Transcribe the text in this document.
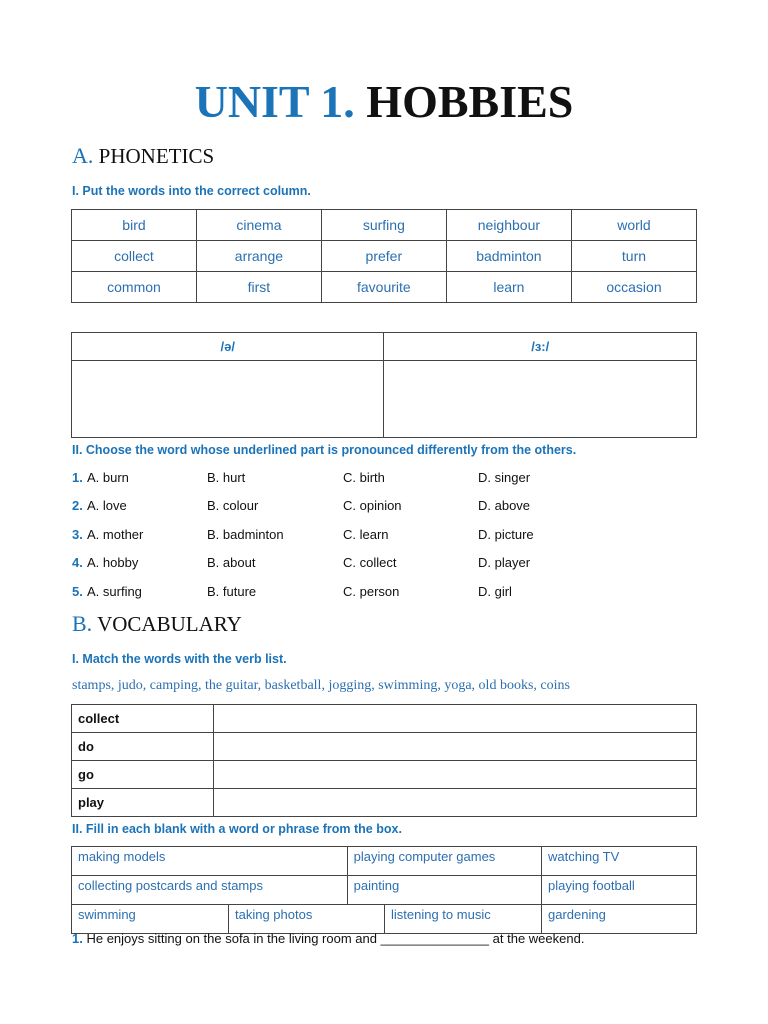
UNIT 1. HOBBIES
A. PHONETICS
I. Put the words into the correct column.
bird	cinema	surfing	neighbour	world
collect	arrange	prefer	badminton	turn
common	first	favourite	learn	occasion
/ə/	/ɜ:/

II. Choose the word whose underlined part is pronounced differently from the others.
1. A. burn	B. hurt	C. birth	D. singer
2. A. love	B. colour	C. opinion	D. above
3. A. mother	B. badminton	C. learn	D. picture
4. A. hobby	B. about	C. collect	D. player
5. A. surfing	B. future	C. person	D. girl
B. VOCABULARY
I. Match the words with the verb list.
stamps, judo, camping, the guitar, basketball, jogging, swimming, yoga, old books, coins
collect	
do	
go	
play	
II. Fill in each blank with a word or phrase from the box.
making models		playing computer games		watching TV
collecting postcards and stamps		painting		playing football
swimming	taking photos		listening to music	gardening
1. He enjoys sitting on the sofa in the living room and _______________ at the weekend.
